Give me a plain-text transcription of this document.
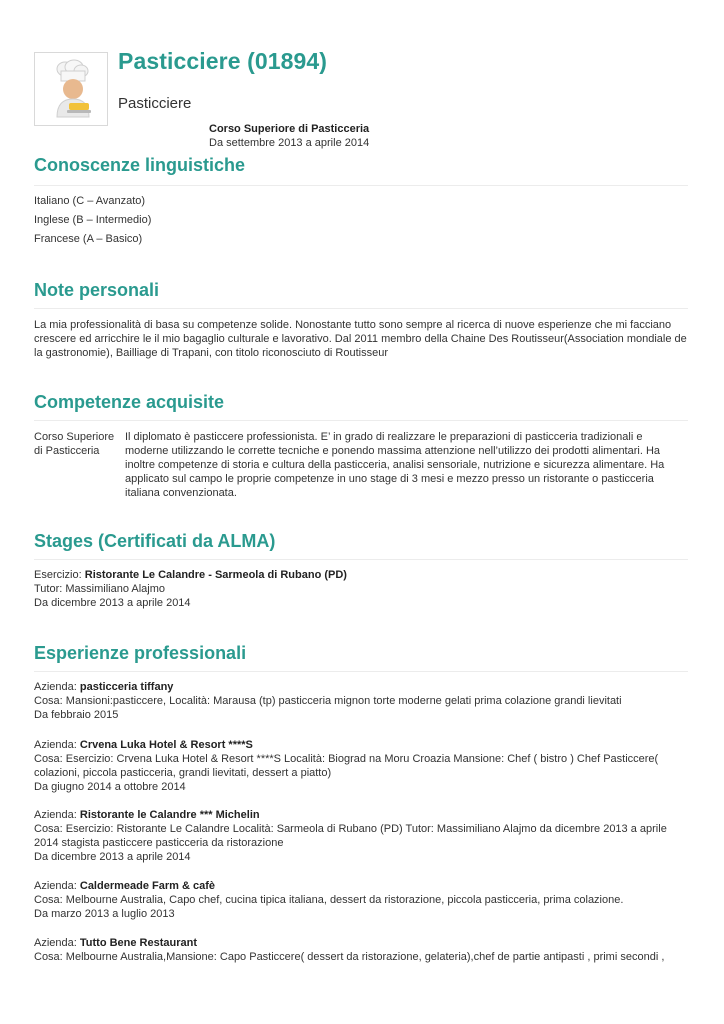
Pasticciere (01894)
Pasticciere
Corso Superiore di Pasticceria
Da settembre 2013 a aprile 2014
Conoscenze linguistiche
Italiano (C – Avanzato)
Inglese (B – Intermedio)
Francese (A – Basico)
Note personali
La mia professionalità di basa su competenze solide. Nonostante tutto sono sempre al ricerca di nuove esperienze che mi facciano crescere ed arricchire le il mio bagaglio culturale e lavorativo. Dal 2011 membro della Chaine Des Routisseur(Association mondiale de la gastronomie), Bailliage di Trapani, con titolo riconosciuto di Routisseur
Competenze acquisite
Corso Superiore di Pasticceria
Il diplomato è pasticcere professionista. E’ in grado di realizzare le preparazioni di pasticceria tradizionali e moderne utilizzando le corrette tecniche e ponendo massima attenzione nell’utilizzo dei prodotti alimentari. Ha inoltre competenze di storia e cultura della pasticceria, analisi sensoriale, nutrizione e sicurezza alimentare. Ha applicato sul campo le proprie competenze in uno stage di 3 mesi e mezzo presso un ristorante o pasticceria italiana convenzionata.
Stages (Certificati da ALMA)
Esercizio: Ristorante Le Calandre - Sarmeola di Rubano (PD)
Tutor: Massimiliano Alajmo
Da dicembre 2013 a aprile 2014
Esperienze professionali
Azienda: pasticceria tiffany
Cosa: Mansioni:pasticcere, Località: Marausa (tp) pasticceria mignon torte moderne gelati prima colazione grandi lievitati
Da febbraio 2015
Azienda: Crvena Luka Hotel & Resort ****S
Cosa: Esercizio: Crvena Luka Hotel & Resort ****S Località: Biograd na Moru Croazia Mansione: Chef ( bistro ) Chef Pasticcere( colazioni, piccola pasticceria, grandi lievitati, dessert a piatto)
Da giugno 2014 a ottobre 2014
Azienda: Ristorante le Calandre *** Michelin
Cosa: Esercizio: Ristorante Le Calandre Località: Sarmeola di Rubano (PD) Tutor: Massimiliano Alajmo da dicembre 2013 a aprile 2014 stagista pasticcere pasticceria da ristorazione
Da dicembre 2013 a aprile 2014
Azienda: Caldermeade Farm & cafè
Cosa: Melbourne Australia, Capo chef, cucina tipica italiana, dessert da ristorazione, piccola pasticceria, prima colazione.
Da marzo 2013 a luglio 2013
Azienda: Tutto Bene Restaurant
Cosa: Melbourne Australia,Mansione: Capo Pasticcere( dessert da ristorazione, gelateria),chef de partie antipasti , primi secondi ,
